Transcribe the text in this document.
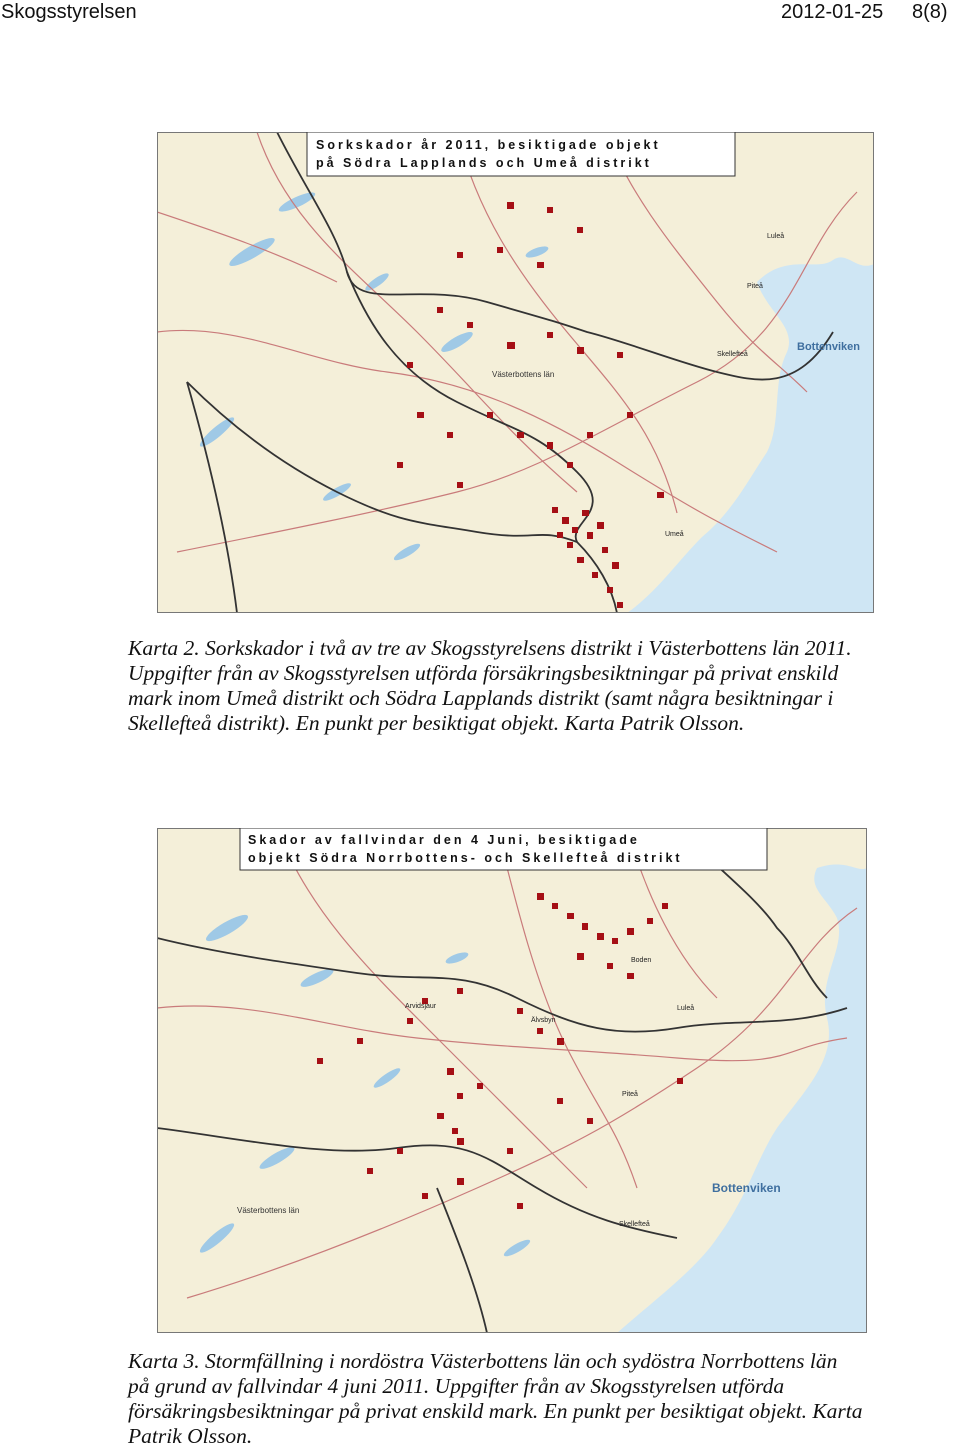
Skogsstyrelsen	2012-01-25 8(8)
Bottenviken
Västerbottens län
Umeå
Luleå
Piteå
Skellefteå
Sorkskador år 2011, besiktigade objekt
på Södra Lapplands och Umeå distrikt
Karta 2. Sorkskador i två av tre av Skogsstyrelsens distrikt i Västerbottens län 2011.
Uppgifter från av Skogsstyrelsen utförda försäkringsbesiktningar på privat enskild
mark inom Umeå distrikt och Södra Lapplands distrikt (samt några besiktningar i
Skellefteå distrikt). En punkt per besiktigat objekt. Karta Patrik Olsson.
Bottenviken
Västerbottens län
Luleå
Piteå
Skellefteå
Boden
Älvsbyn
Arvidsjaur
Skador av fallvindar den 4 Juni, besiktigade
objekt Södra Norrbottens- och Skellefteå distrikt
Karta 3. Stormfällning i nordöstra Västerbottens län och sydöstra Norrbottens län
på grund av fallvindar 4 juni 2011. Uppgifter från av Skogsstyrelsen utförda
försäkringsbesiktningar på privat enskild mark. En punkt per besiktigat objekt. Karta
Patrik Olsson.
